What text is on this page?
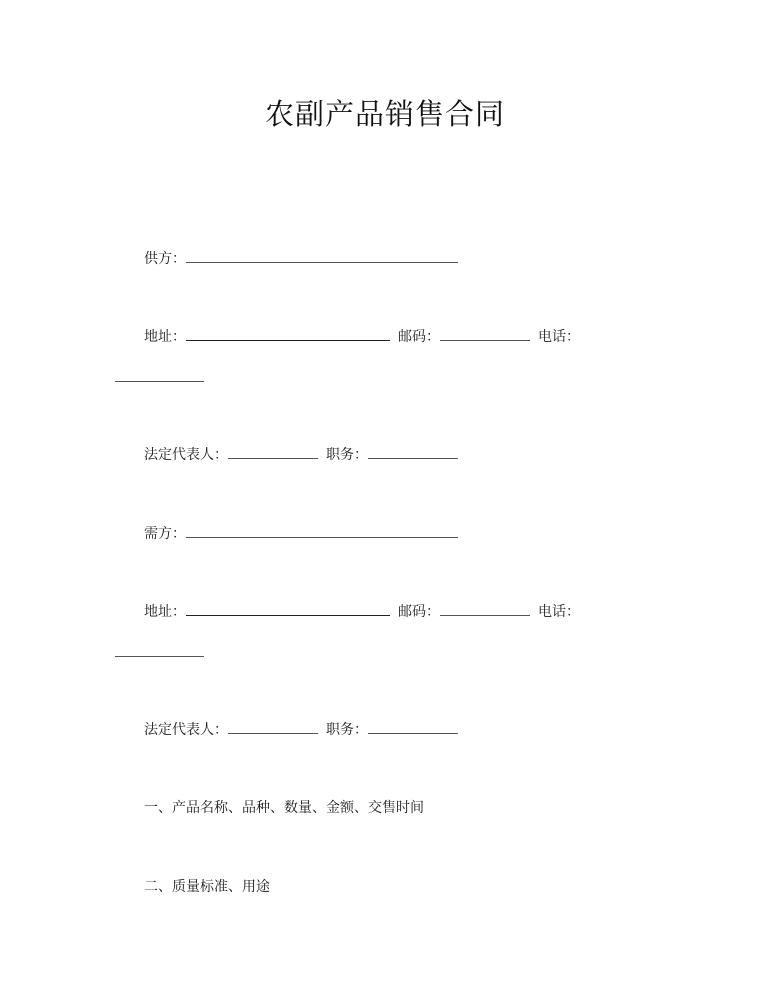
农副产品销售合同
供方：
地址：	邮码：	电话：
法定代表人：	职务：
需方：
地址：	邮码：	电话：
法定代表人：	职务：
一、产品名称、品种、数量、金额、交售时间
二、质量标准、用途
